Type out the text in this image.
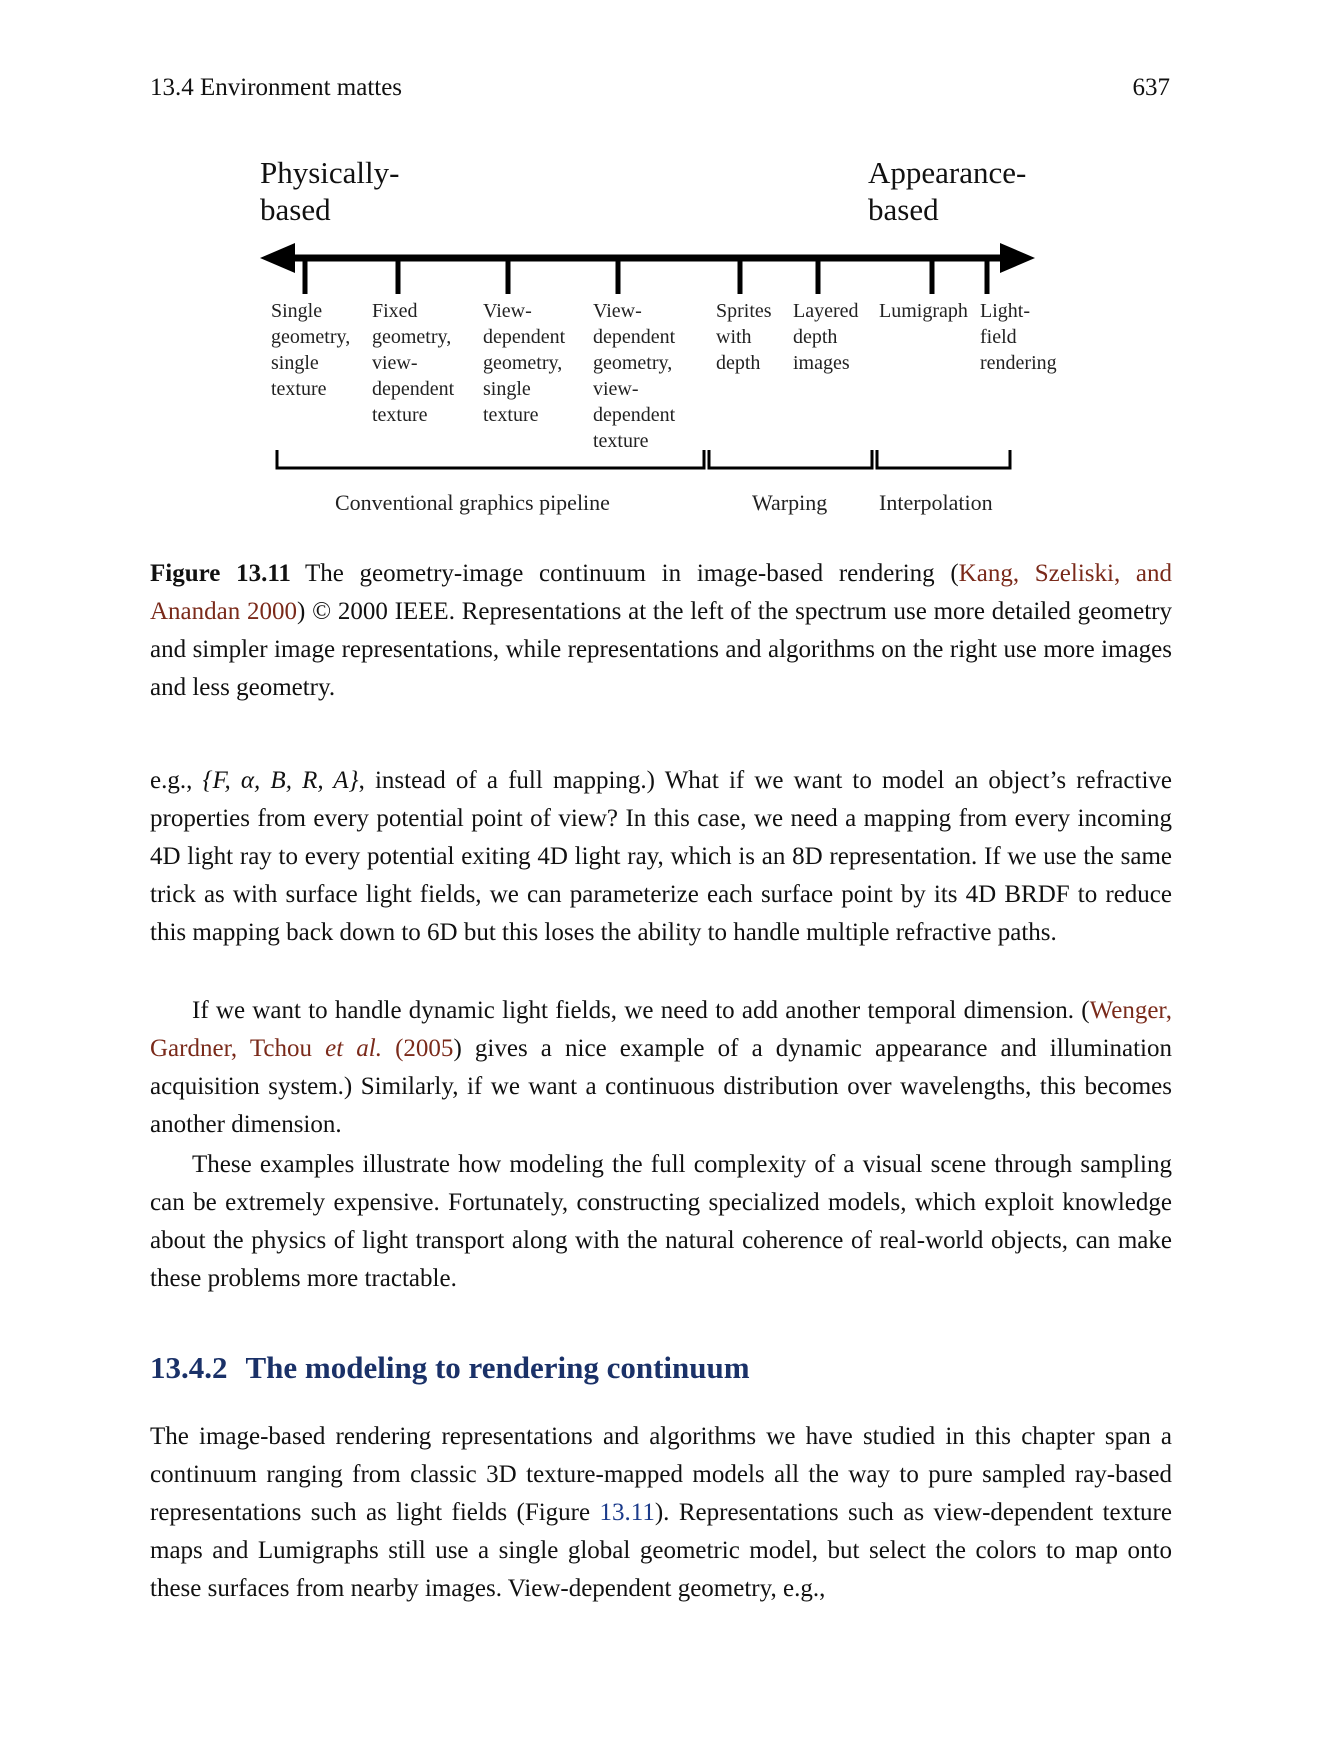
13.4 Environment mattes	637
Physically-
based
Appearance-
based
Single
geometry,
single
texture
Fixed
geometry,
view-
dependent
texture
View-
dependent
geometry,
single
texture
View-
dependent
geometry,
view-
dependent
texture
Sprites
with
depth
Layered
depth
images
Lumigraph Light-
field
rendering
Conventional graphics pipeline	Warping Interpolation
Figure 13.11 The geometry-image continuum in image-based rendering (Kang, Szeliski, and Anandan 2000) © 2000 IEEE. Representations at the left of the spectrum use more detailed geometry and simpler image representations, while representations and algorithms on the right use more images and less geometry.

e.g., {F, α, B, R, A}, instead of a full mapping.) What if we want to model an object’s refractive properties from every potential point of view? In this case, we need a mapping from every incoming 4D light ray to every potential exiting 4D light ray, which is an 8D representation. If we use the same trick as with surface light fields, we can parameterize each surface point by its 4D BRDF to reduce this mapping back down to 6D but this loses the ability to handle multiple refractive paths.

If we want to handle dynamic light fields, we need to add another temporal dimension. (Wenger, Gardner, Tchou et al. (2005) gives a nice example of a dynamic appearance and illumination acquisition system.) Similarly, if we want a continuous distribution over wavelengths, this becomes another dimension.

These examples illustrate how modeling the full complexity of a visual scene through sampling can be extremely expensive. Fortunately, constructing specialized models, which exploit knowledge about the physics of light transport along with the natural coherence of real-world objects, can make these problems more tractable.

13.4.2 The modeling to rendering continuum

The image-based rendering representations and algorithms we have studied in this chapter span a continuum ranging from classic 3D texture-mapped models all the way to pure sampled ray-based representations such as light fields (Figure 13.11). Representations such as view-dependent texture maps and Lumigraphs still use a single global geometric model, but select the colors to map onto these surfaces from nearby images. View-dependent geometry, e.g.,
